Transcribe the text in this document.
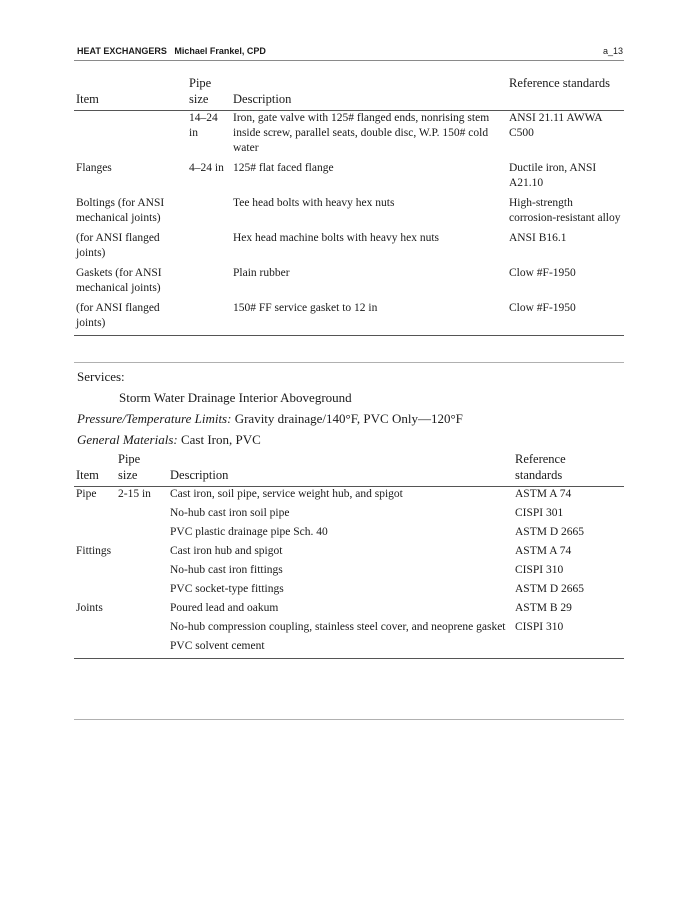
HEAT EXCHANGERS Michael Frankel, CPD	a_13
Item	Pipe size	Description	Reference standards
	14–24 in	Iron, gate valve with 125# flanged ends, nonrising stem inside screw, parallel seats, double disc, W.P. 150# cold water	ANSI 21.11 AWWA C500
Flanges	4–24 in	125# flat faced flange	Ductile iron, ANSI A21.10
Boltings (for ANSI mechanical joints)		Tee head bolts with heavy hex nuts	High-strength corrosion-resistant alloy
(for ANSI flanged joints)		Hex head machine bolts with heavy hex nuts	ANSI B16.1
Gaskets (for ANSI mechanical joints)		Plain rubber	Clow #F-1950
(for ANSI flanged joints)		150# FF service gasket to 12 in	Clow #F-1950
Services:
Storm Water Drainage Interior Aboveground
Pressure/Temperature Limits: Gravity drainage/140°F, PVC Only—120°F
General Materials: Cast Iron, PVC
Item	Pipe size	Description	Reference standards
Pipe	2-15 in	Cast iron, soil pipe, service weight hub, and spigot	ASTM A 74
		No-hub cast iron soil pipe	CISPI 301
		PVC plastic drainage pipe Sch. 40	ASTM D 2665
Fittings		Cast iron hub and spigot	ASTM A 74
		No-hub cast iron fittings	CISPI 310
		PVC socket-type fittings	ASTM D 2665
Joints		Poured lead and oakum	ASTM B 29
		No-hub compression coupling, stainless steel cover, and neoprene gasket	CISPI 310
		PVC solvent cement	
